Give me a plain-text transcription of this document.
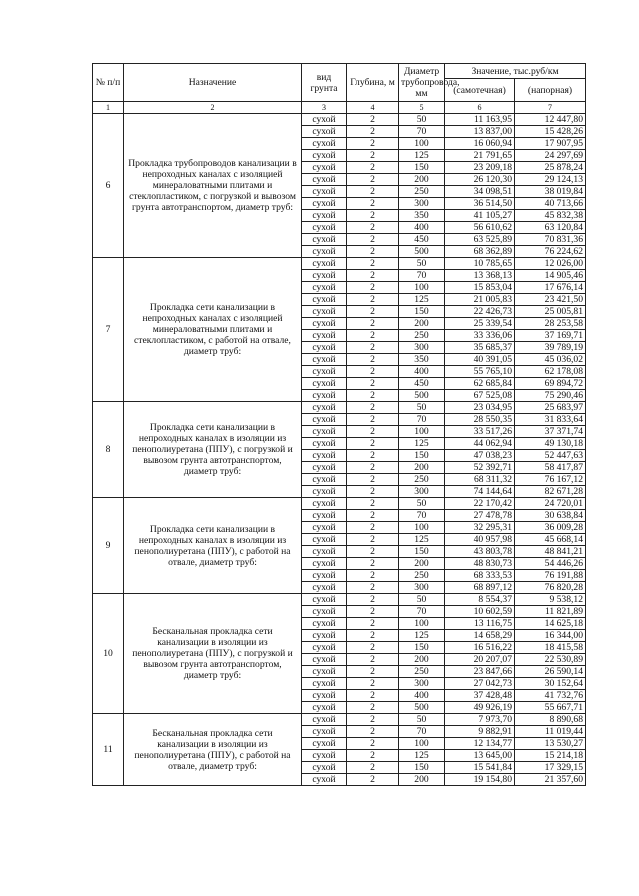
№ п/п	Назначение	вид грунта	Глубина, м	Диаметр трубопровода, мм	Значение, тыс.руб/км	
					(самотечная)	(напорная)
1	2	3	4	5	6	7
6	Прокладка трубопроводов канализации в непроходных каналах с изоляцией минераловатными плитами и стеклопластиком, с погрузкой и вывозом грунта автотранспортом, диаметр труб:	сухой	2	50	11 163,95	12 447,80
		сухой	2	70	13 837,00	15 428,26
		сухой	2	100	16 060,94	17 907,95
		сухой	2	125	21 791,65	24 297,69
		сухой	2	150	23 209,18	25 878,24
		сухой	2	200	26 120,30	29 124,13
		сухой	2	250	34 098,51	38 019,84
		сухой	2	300	36 514,50	40 713,66
		сухой	2	350	41 105,27	45 832,38
		сухой	2	400	56 610,62	63 120,84
		сухой	2	450	63 525,89	70 831,36
		сухой	2	500	68 362,89	76 224,62
7	Прокладка сети канализации в непроходных каналах с изоляцией минераловатными плитами и стеклопластиком, с работой на отвале, диаметр труб:	сухой	2	50	10 785,65	12 026,00
		сухой	2	70	13 368,13	14 905,46
		сухой	2	100	15 853,04	17 676,14
		сухой	2	125	21 005,83	23 421,50
		сухой	2	150	22 426,73	25 005,81
		сухой	2	200	25 339,54	28 253,58
		сухой	2	250	33 336,06	37 169,71
		сухой	2	300	35 685,37	39 789,19
		сухой	2	350	40 391,05	45 036,02
		сухой	2	400	55 765,10	62 178,08
		сухой	2	450	62 685,84	69 894,72
		сухой	2	500	67 525,08	75 290,46
8	Прокладка сети канализации в непроходных каналах в изоляции из пенополиуретана (ППУ), с погрузкой и вывозом грунта автотранспортом, диаметр труб:	сухой	2	50	23 034,95	25 683,97
		сухой	2	70	28 550,35	31 833,64
		сухой	2	100	33 517,26	37 371,74
		сухой	2	125	44 062,94	49 130,18
		сухой	2	150	47 038,23	52 447,63
		сухой	2	200	52 392,71	58 417,87
		сухой	2	250	68 311,32	76 167,12
		сухой	2	300	74 144,64	82 671,28
9	Прокладка сети канализации в непроходных каналах в изоляции из пенополиуретана (ППУ), с работой на отвале, диаметр труб:	сухой	2	50	22 170,42	24 720,01
		сухой	2	70	27 478,78	30 638,84
		сухой	2	100	32 295,31	36 009,28
		сухой	2	125	40 957,98	45 668,14
		сухой	2	150	43 803,78	48 841,21
		сухой	2	200	48 830,73	54 446,26
		сухой	2	250	68 333,53	76 191,88
		сухой	2	300	68 897,12	76 820,28
10	Бесканальная прокладка сети канализации в изоляции из пенополиуретана (ППУ), с погрузкой и вывозом грунта автотранспортом, диаметр труб:	сухой	2	50	8 554,37	9 538,12
		сухой	2	70	10 602,59	11 821,89
		сухой	2	100	13 116,75	14 625,18
		сухой	2	125	14 658,29	16 344,00
		сухой	2	150	16 516,22	18 415,58
		сухой	2	200	20 207,07	22 530,89
		сухой	2	250	23 847,66	26 590,14
		сухой	2	300	27 042,73	30 152,64
		сухой	2	400	37 428,48	41 732,76
		сухой	2	500	49 926,19	55 667,71
11	Бесканальная прокладка сети канализации в изоляции из пенополиуретана (ППУ), с работой на отвале, диаметр труб:	сухой	2	50	7 973,70	8 890,68
		сухой	2	70	9 882,91	11 019,44
		сухой	2	100	12 134,77	13 530,27
		сухой	2	125	13 645,00	15 214,18
		сухой	2	150	15 541,84	17 329,15
		сухой	2	200	19 154,80	21 357,60
